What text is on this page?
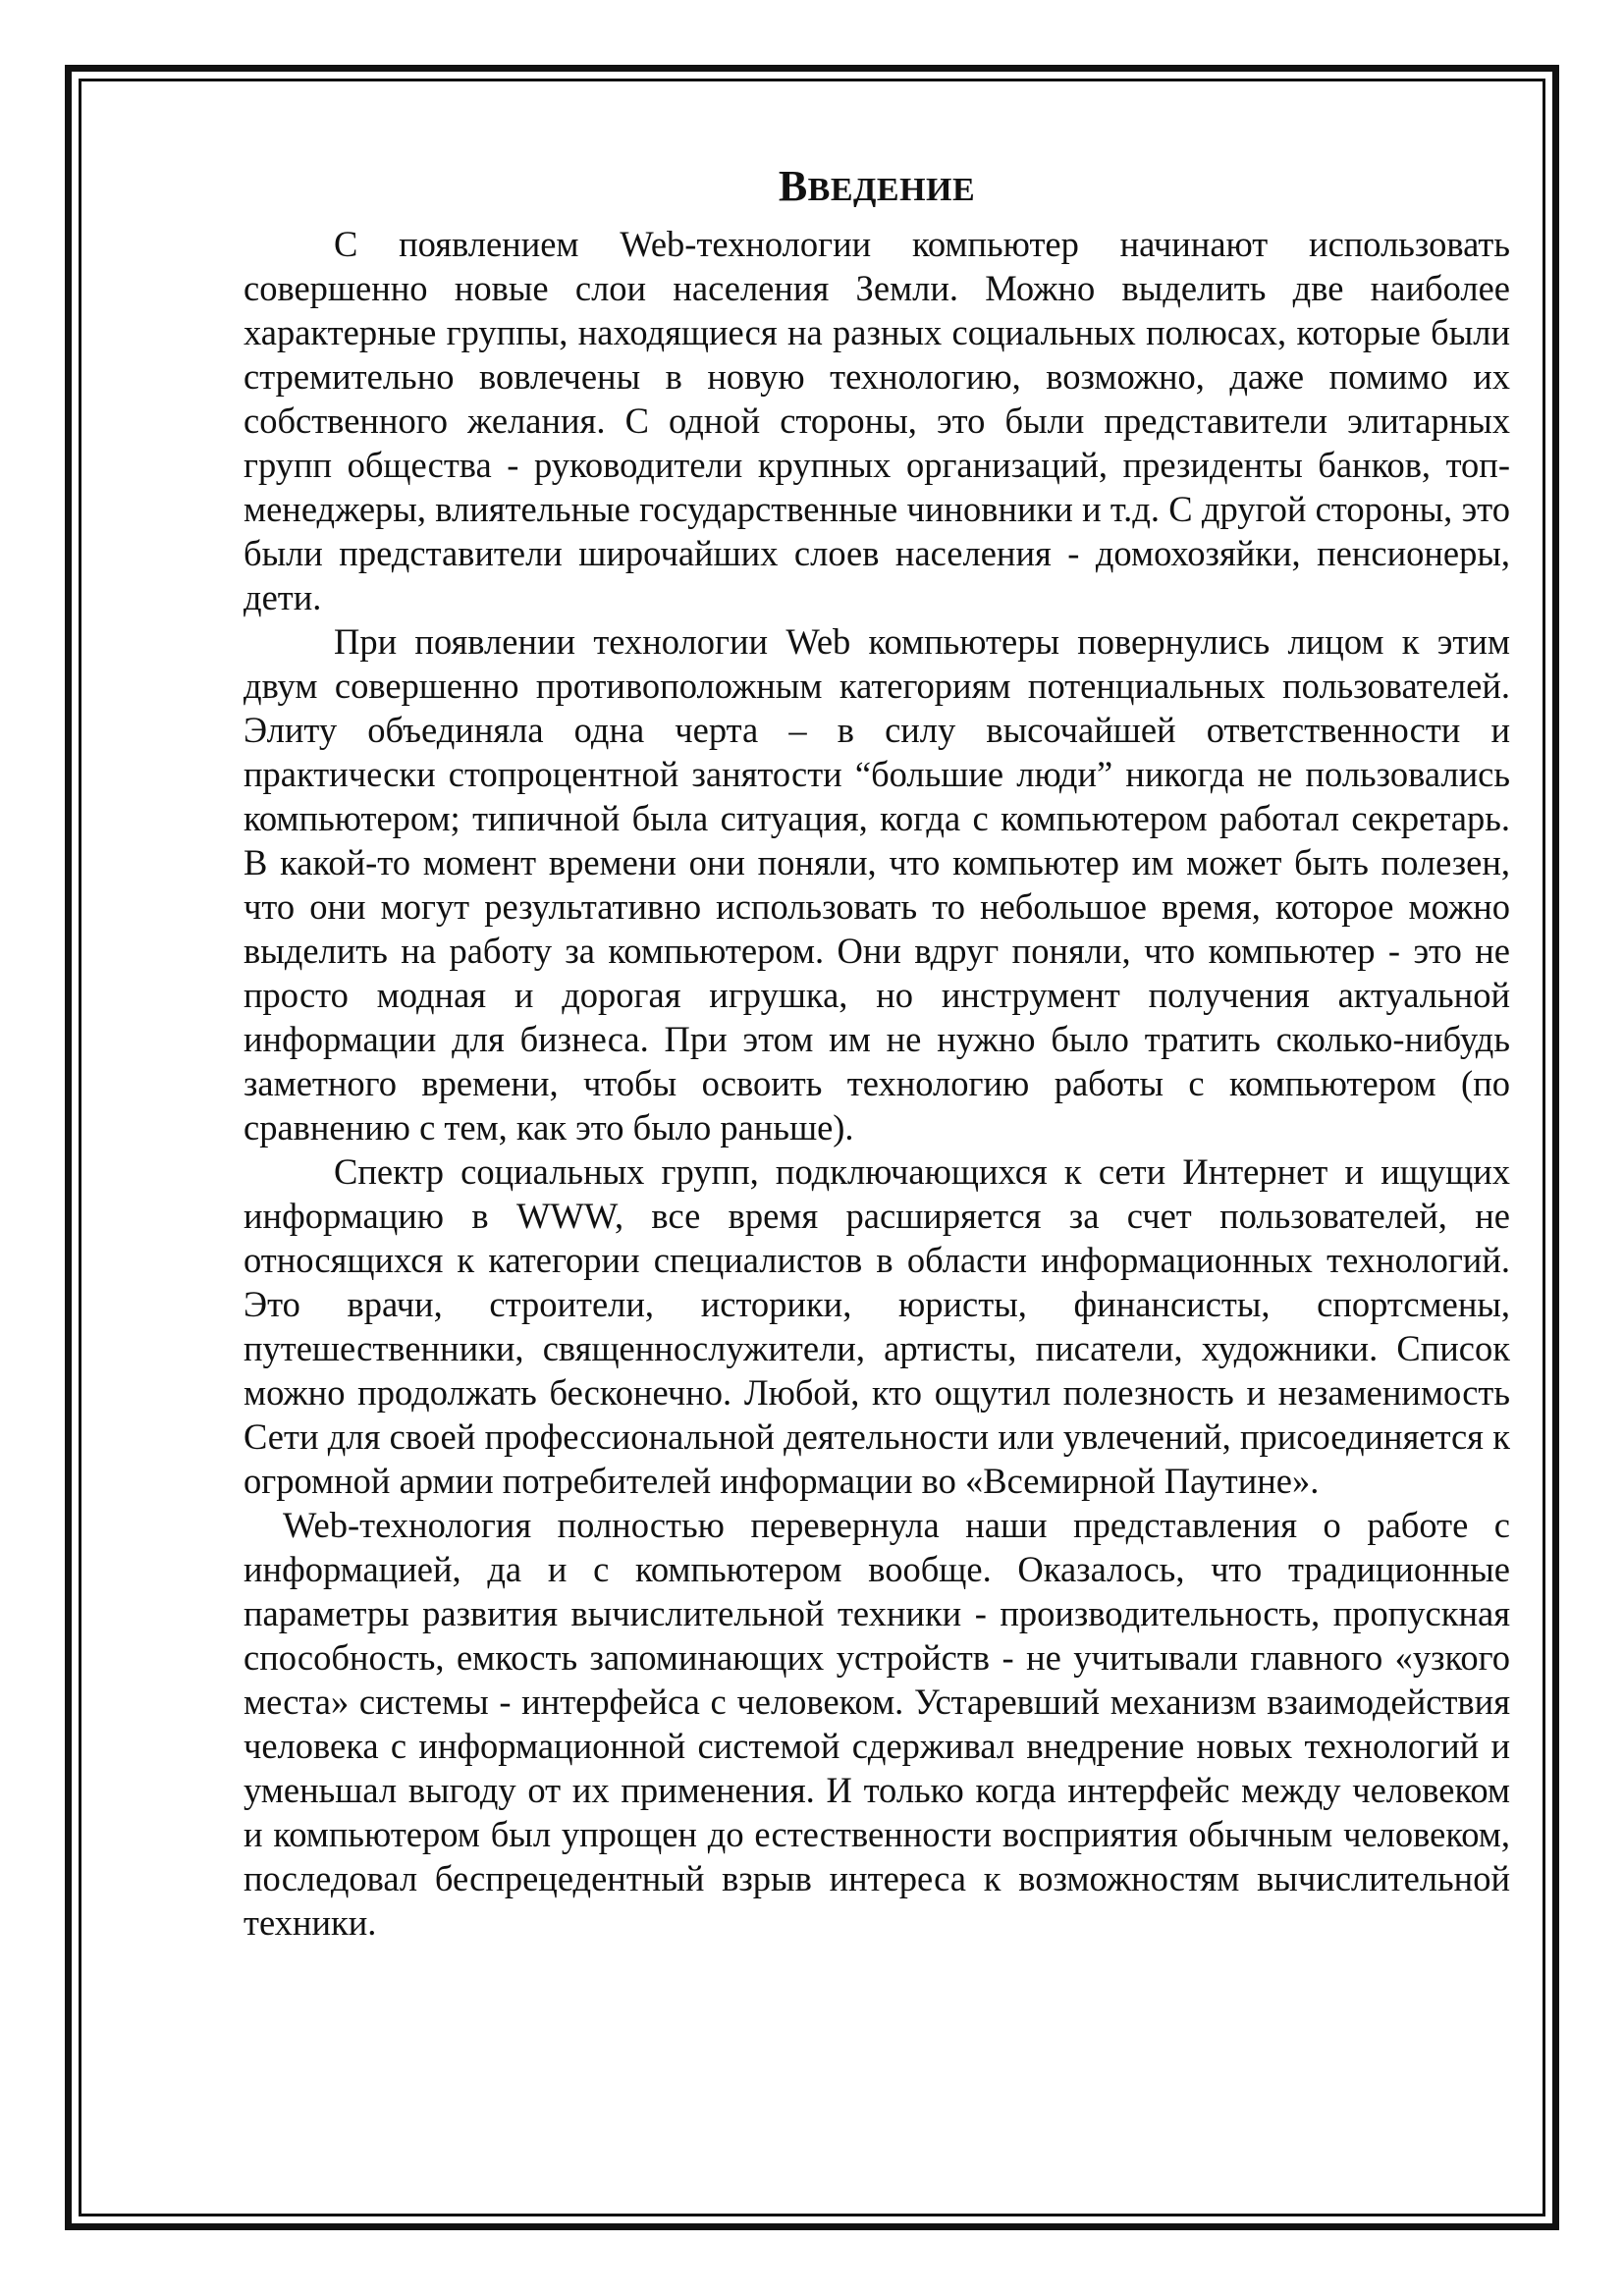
ВВЕДЕНИЕ

С появлением Web-технологии компьютер начинают использовать совершенно новые слои населения Земли. Можно выделить две наиболее характерные группы, находящиеся на разных социальных полюсах, которые были стремительно вовлечены в новую технологию, возможно, даже помимо их собственного желания. С одной стороны, это были представители элитарных групп общества - руководители крупных организаций, президенты банков, топ- менеджеры, влиятельные государственные чиновники и т.д. С другой стороны, это были представители широчайших слоев населения - домохозяйки, пенсионеры, дети.

При появлении технологии Web компьютеры повернулись лицом к этим двум совершенно противоположным категориям потенциальных пользователей. Элиту объединяла одна черта – в силу высочайшей ответственности и практически стопроцентной занятости “большие люди” никогда не пользовались компьютером; типичной была ситуация, когда с компьютером работал секретарь. В какой-то момент времени они поняли, что компьютер им может быть полезен, что они могут результативно использовать то небольшое время, которое можно выделить на работу за компьютером. Они вдруг поняли, что компьютер - это не просто модная и дорогая игрушка, но инструмент получения актуальной информации для бизнеса. При этом им не нужно было тратить сколько-нибудь заметного времени, чтобы освоить технологию работы с компьютером (по сравнению с тем, как это было раньше).

Спектр социальных групп, подключающихся к сети Интернет и ищущих информацию в WWW, все время расширяется за счет пользователей, не относящихся к категории специалистов в области информационных технологий. Это врачи, строители, историки, юристы, финансисты, спортсмены, путешественники, священнослужители, артисты, писатели, художники. Список можно продолжать бесконечно. Любой, кто ощутил полезность и незаменимость Сети для своей профессиональной деятельности или увлечений, присоединяется к огромной армии потребителей информации во «Всемирной Паутине».

Web-технология полностью перевернула наши представления о работе с информацией, да и с компьютером вообще. Оказалось, что традиционные параметры развития вычислительной техники - производительность, пропускная способность, емкость запоминающих устройств - не учитывали главного «узкого места» системы - интерфейса с человеком. Устаревший механизм взаимодействия человека с информационной системой сдерживал внедрение новых технологий и уменьшал выгоду от их применения. И только когда интерфейс между человеком и компьютером был упрощен до естественности восприятия обычным человеком, последовал беспрецедентный взрыв интереса к возможностям вычислительной техники.
